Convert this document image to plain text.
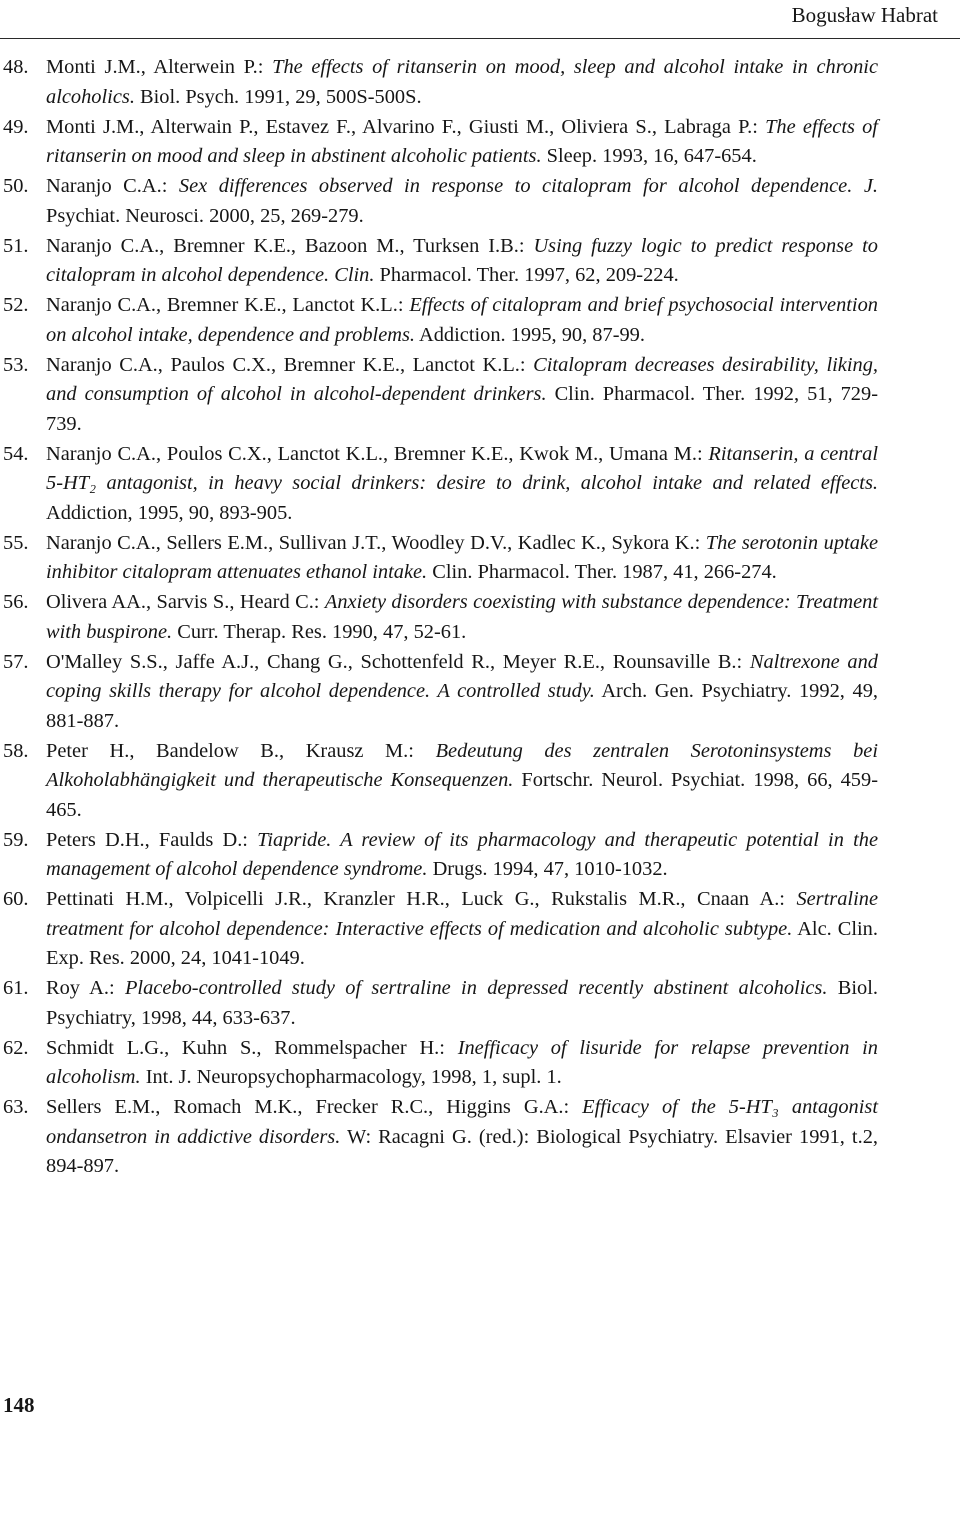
Bogusław Habrat
48. Monti J.M., Alterwein P.: The effects of ritanserin on mood, sleep and alcohol intake in chronic alcoholics. Biol. Psych. 1991, 29, 500S-500S.
49. Monti J.M., Alterwain P., Estavez F., Alvarino F., Giusti M., Oliviera S., Labraga P.: The effects of ritanserin on mood and sleep in abstinent alcoholic patients. Sleep. 1993, 16, 647-654.
50. Naranjo C.A.: Sex differences observed in response to citalopram for alcohol dependence. J. Psychiat. Neurosci. 2000, 25, 269-279.
51. Naranjo C.A., Bremner K.E., Bazoon M., Turksen I.B.: Using fuzzy logic to predict response to citalopram in alcohol dependence. Clin. Pharmacol. Ther. 1997, 62, 209-224.
52. Naranjo C.A., Bremner K.E., Lanctot K.L.: Effects of citalopram and brief psychosocial intervention on alcohol intake, dependence and problems. Addiction. 1995, 90, 87-99.
53. Naranjo C.A., Paulos C.X., Bremner K.E., Lanctot K.L.: Citalopram decreases desirability, liking, and consumption of alcohol in alcohol-dependent drinkers. Clin. Pharmacol. Ther. 1992, 51, 729-739.
54. Naranjo C.A., Poulos C.X., Lanctot K.L., Bremner K.E., Kwok M., Umana M.: Ritanserin, a central 5-HT₂ antagonist, in heavy social drinkers: desire to drink, alcohol intake and related effects. Addiction, 1995, 90, 893-905.
55. Naranjo C.A., Sellers E.M., Sullivan J.T., Woodley D.V., Kadlec K., Sykora K.: The serotonin uptake inhibitor citalopram attenuates ethanol intake. Clin. Pharmacol. Ther. 1987, 41, 266-274.
56. Olivera AA., Sarvis S., Heard C.: Anxiety disorders coexisting with substance dependence: Treatment with buspirone. Curr. Therap. Res. 1990, 47, 52-61.
57. O'Malley S.S., Jaffe A.J., Chang G., Schottenfeld R., Meyer R.E., Rounsaville B.: Naltrexone and coping skills therapy for alcohol dependence. A controlled study. Arch. Gen. Psychiatry. 1992, 49, 881-887.
58. Peter H., Bandelow B., Krausz M.: Bedeutung des zentralen Serotoninsystems bei Alkoholabhängigkeit und therapeutische Konsequenzen. Fortschr. Neurol. Psychiat. 1998, 66, 459-465.
59. Peters D.H., Faulds D.: Tiapride. A review of its pharmacology and therapeutic potential in the management of alcohol dependence syndrome. Drugs. 1994, 47, 1010-1032.
60. Pettinati H.M., Volpicelli J.R., Kranzler H.R., Luck G., Rukstalis M.R., Cnaan A.: Sertraline treatment for alcohol dependence: Interactive effects of medication and alcoholic subtype. Alc. Clin. Exp. Res. 2000, 24, 1041-1049.
61. Roy A.: Placebo-controlled study of sertraline in depressed recently abstinent alcoholics. Biol. Psychiatry, 1998, 44, 633-637.
62. Schmidt L.G., Kuhn S., Rommelspacher H.: Inefficacy of lisuride for relapse prevention in alcoholism. Int. J. Neuropsychopharmacology, 1998, 1, supl. 1.
63. Sellers E.M., Romach M.K., Frecker R.C., Higgins G.A.: Efficacy of the 5-HT₃ antagonist ondansetron in addictive disorders. W: Racagni G. (red.): Biological Psychiatry. Elsavier 1991, t.2, 894-897.
148
